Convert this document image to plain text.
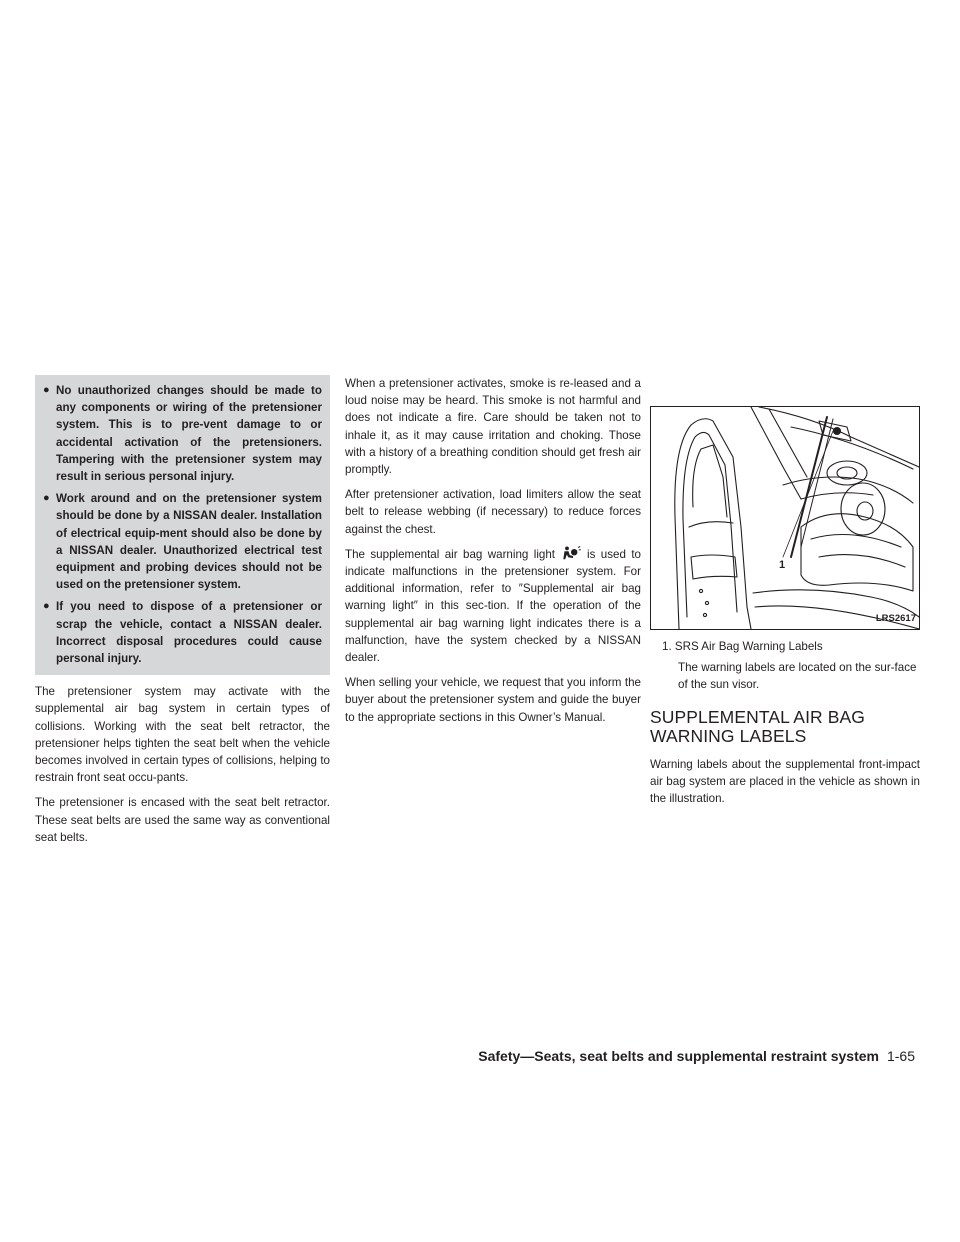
● No unauthorized changes should be made to any components or wiring of the pretensioner system. This is to pre-vent damage to or accidental activation of the pretensioners. Tampering with the pretensioner system may result in serious personal injury.
● Work around and on the pretensioner system should be done by a NISSAN dealer. Installation of electrical equip-ment should also be done by a NISSAN dealer. Unauthorized electrical test equipment and probing devices should not be used on the pretensioner system.
● If you need to dispose of a pretensioner or scrap the vehicle, contact a NISSAN dealer. Incorrect disposal procedures could cause personal injury.

The pretensioner system may activate with the supplemental air bag system in certain types of collisions. Working with the seat belt retractor, the pretensioner helps tighten the seat belt when the vehicle becomes involved in certain types of collisions, helping to restrain front seat occu-pants.

The pretensioner is encased with the seat belt retractor. These seat belts are used the same way as conventional seat belts.

When a pretensioner activates, smoke is re-leased and a loud noise may be heard. This smoke is not harmful and does not indicate a fire. Care should be taken not to inhale it, as it may cause irritation and choking. Those with a history of a breathing condition should get fresh air promptly.

After pretensioner activation, load limiters allow the seat belt to release webbing (if necessary) to reduce forces against the chest.

The supplemental air bag warning light	is used to indicate malfunctions in the pretensioner system. For additional information, refer to ″Supplemental air bag warning light″ in this sec-tion. If the operation of the supplemental air bag warning light indicates there is a malfunction, have the system checked by a NISSAN dealer.

When selling your vehicle, we request that you inform the buyer about the pretensioner system and guide the buyer to the appropriate sections in this Owner’s Manual.

1
LRS2617
1. SRS Air Bag Warning Labels
The warning labels are located on the sur-face of the sun visor.
SUPPLEMENTAL AIR BAG
WARNING LABELS

Warning labels about the supplemental front-impact air bag system are placed in the vehicle as shown in the illustration.

Safety—Seats, seat belts and supplemental restraint system 1-65
